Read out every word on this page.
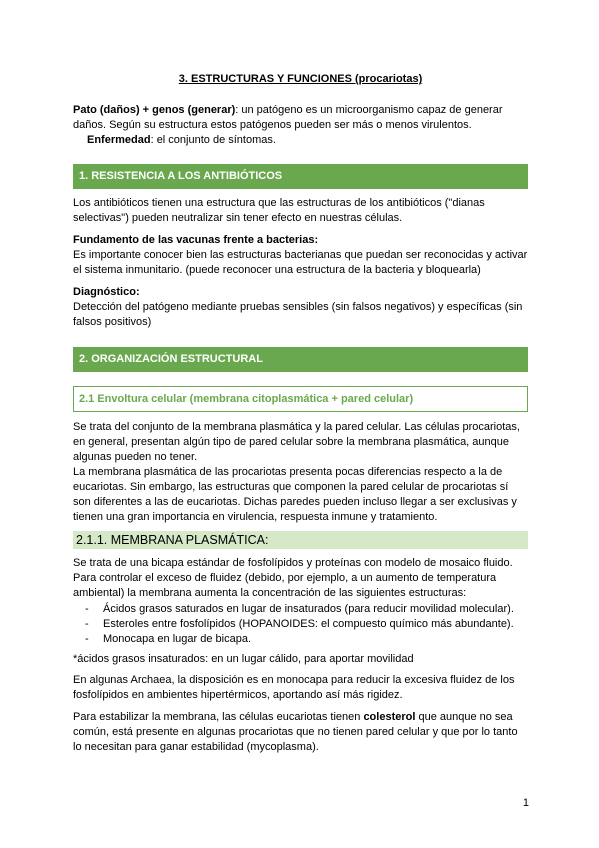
3. ESTRUCTURAS Y FUNCIONES (procariotas)

Pato (daños) + genos (generar): un patógeno es un microorganismo capaz de generar daños. Según su estructura estos patógenos pueden ser más o menos virulentos.

Enfermedad: el conjunto de síntomas.

1. RESISTENCIA A LOS ANTIBIÓTICOS

Los antibióticos tienen una estructura que las estructuras de los antibióticos ("dianas selectivas") pueden neutralizar sin tener efecto en nuestras células.

Fundamento de las vacunas frente a bacterias:

Es importante conocer bien las estructuras bacterianas que puedan ser reconocidas y activar el sistema inmunitario. (puede reconocer una estructura de la bacteria y bloquearla)

Diagnóstico:

Detección del patógeno mediante pruebas sensibles (sin falsos negativos) y específicas (sin falsos positivos)

2. ORGANIZACIÓN ESTRUCTURAL
2.1 Envoltura celular (membrana citoplasmática + pared celular)

Se trata del conjunto de la membrana plasmática y la pared celular. Las células procariotas, en general, presentan algún tipo de pared celular sobre la membrana plasmática, aunque algunas pueden no tener.

La membrana plasmática de las procariotas presenta pocas diferencias respecto a la de eucariotas. Sin embargo, las estructuras que componen la pared celular de procariotas sí son diferentes a las de eucariotas. Dichas paredes pueden incluso llegar a ser exclusivas y tienen una gran importancia en virulencia, respuesta inmune y tratamiento.

2.1.1. MEMBRANA PLASMÁTICA:

Se trata de una bicapa estándar de fosfolípidos y proteínas con modelo de mosaico fluido. Para controlar el exceso de fluidez (debido, por ejemplo, a un aumento de temperatura ambiental) la membrana aumenta la concentración de las siguientes estructuras:

- Ácidos grasos saturados en lugar de insaturados (para reducir movilidad molecular).
- Esteroles entre fosfolípidos (HOPANOIDES: el compuesto químico más abundante).
- Monocapa en lugar de bicapa.

*ácidos grasos insaturados: en un lugar cálido, para aportar movilidad

En algunas Archaea, la disposición es en monocapa para reducir la excesiva fluidez de los fosfolípidos en ambientes hipertérmicos, aportando así más rigidez.

Para estabilizar la membrana, las células eucariotas tienen colesterol que aunque no sea común, está presente en algunas procariotas que no tienen pared celular y que por lo tanto lo necesitan para ganar estabilidad (mycoplasma).

1
